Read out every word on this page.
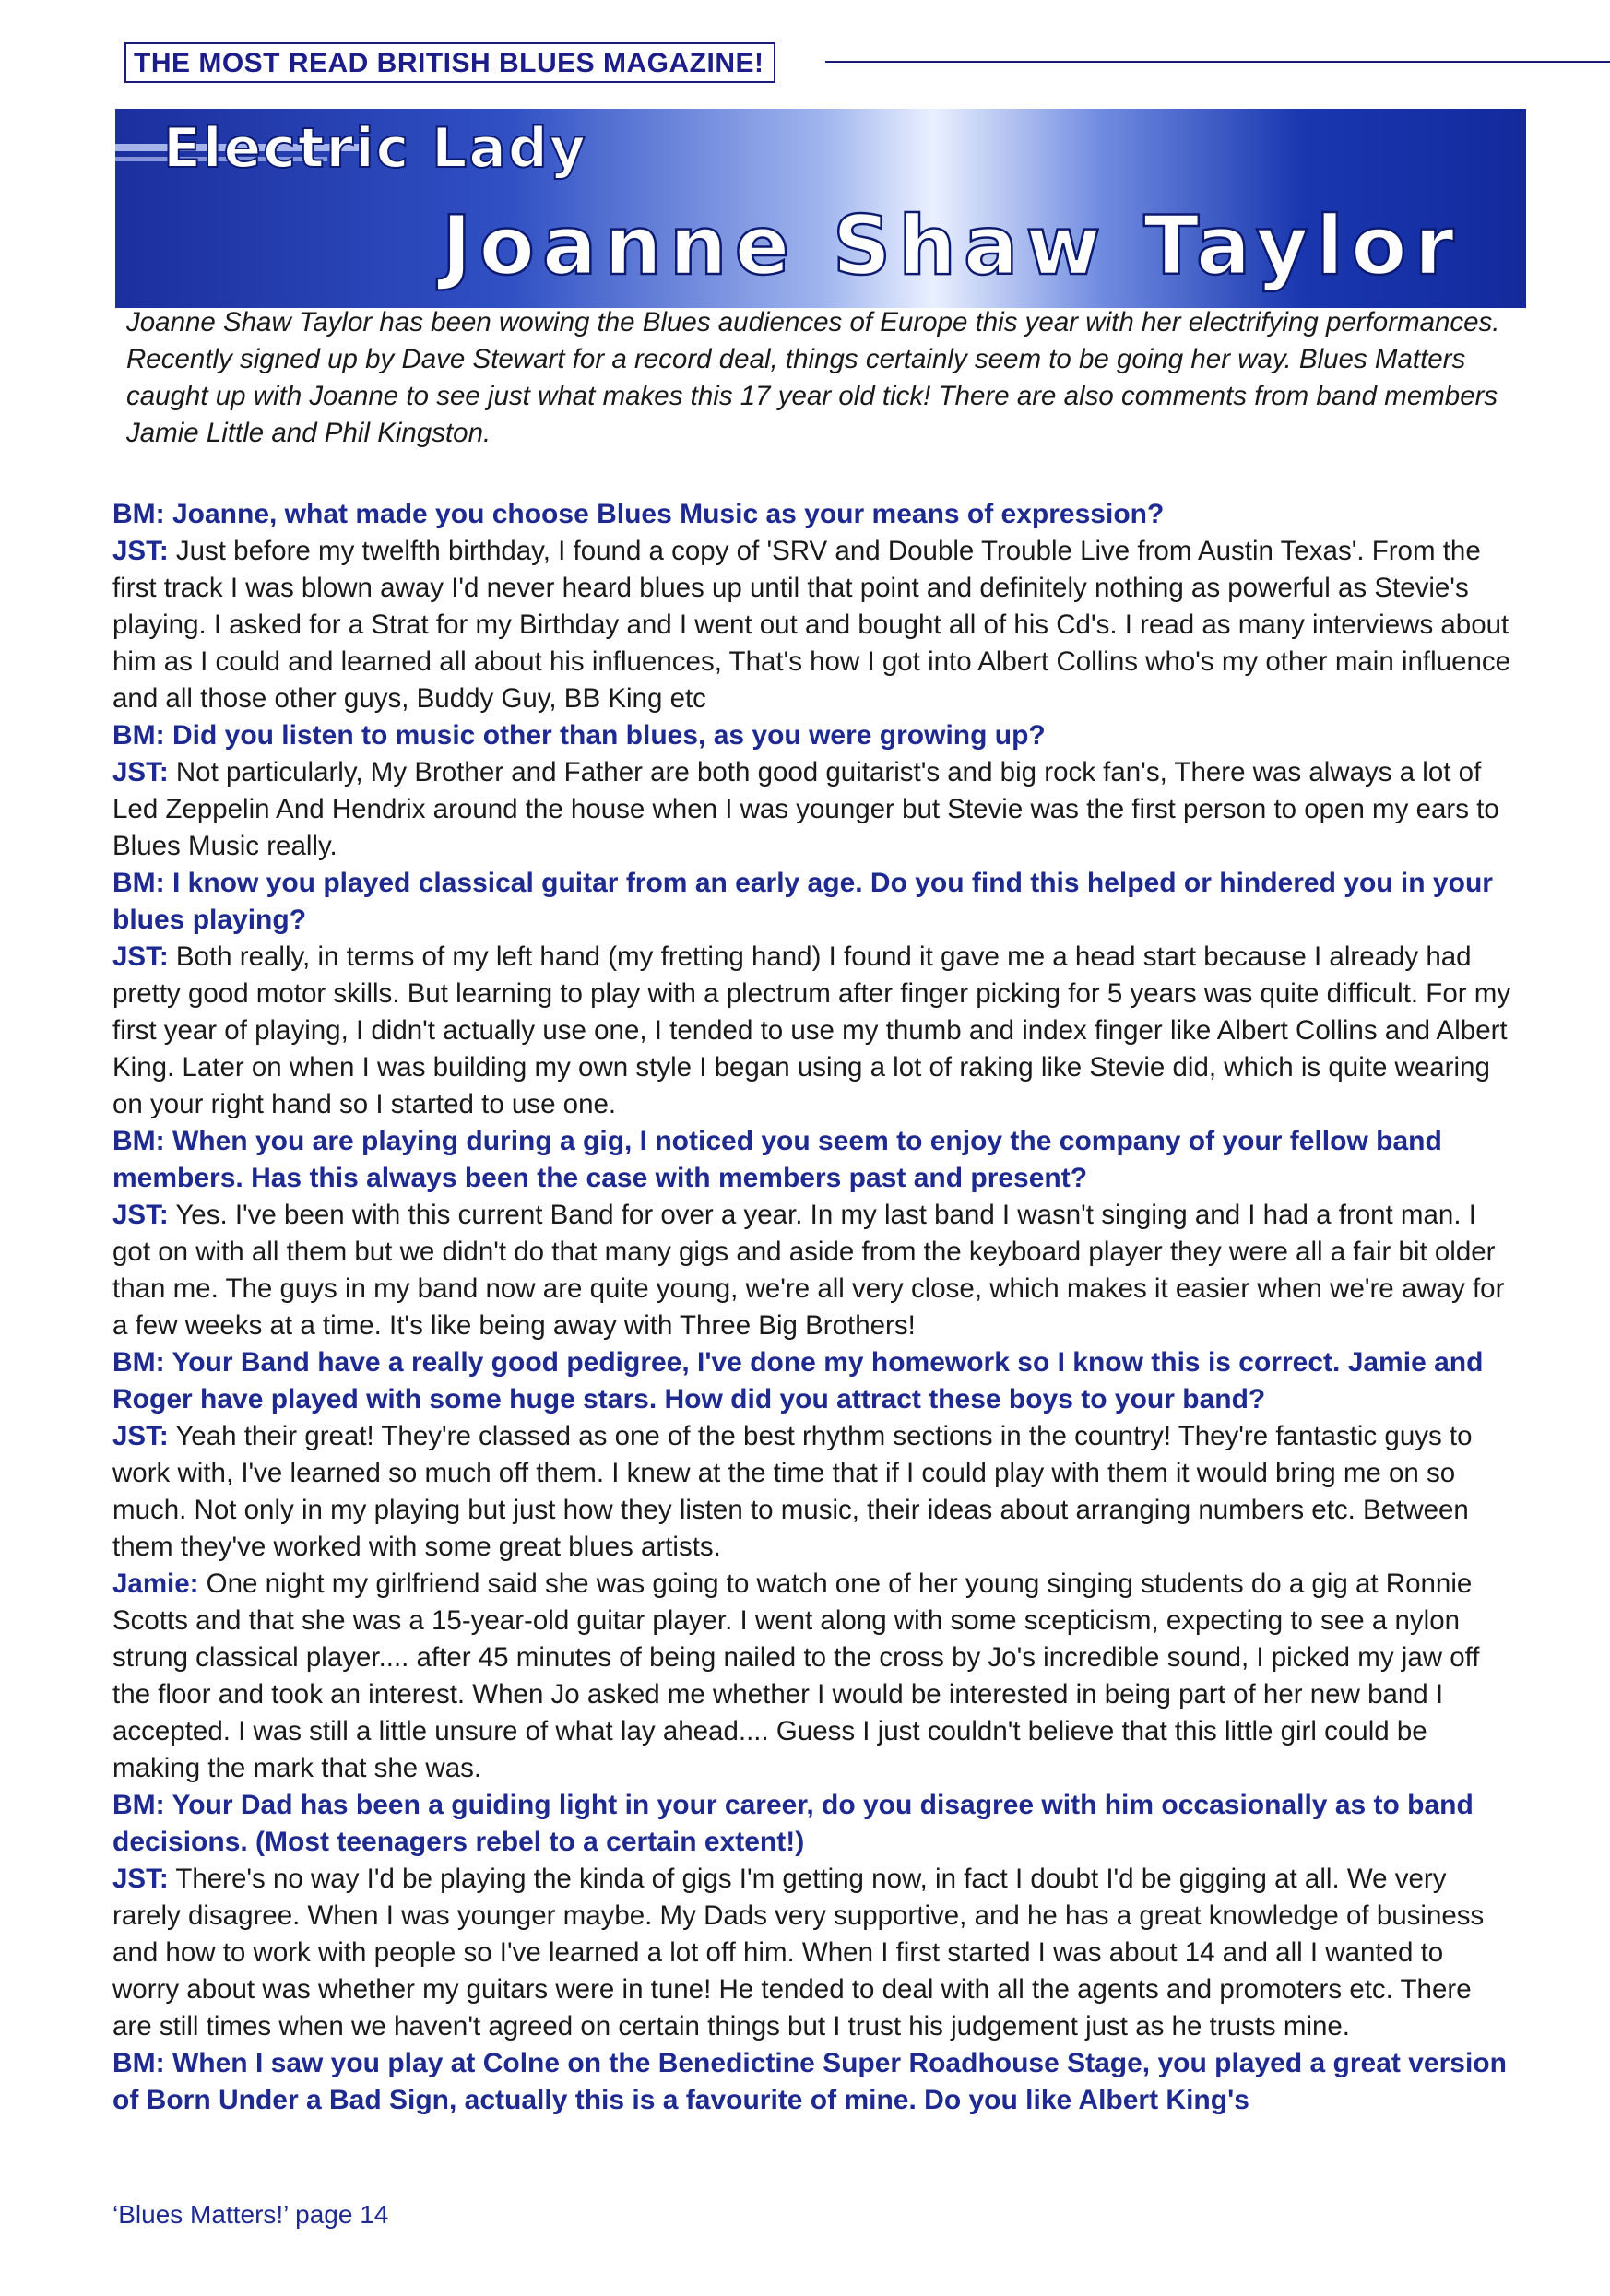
THE MOST READ BRITISH BLUES MAGAZINE!
Electric Lady
Joanne Shaw Taylor

Joanne Shaw Taylor has been wowing the Blues audiences of Europe this year with her electrifying performances. Recently signed up by Dave Stewart for a record deal, things certainly seem to be going her way. Blues Matters caught up with Joanne to see just what makes this 17 year old tick! There are also comments from band members Jamie Little and Phil Kingston.

BM: Joanne, what made you choose Blues Music as your means of expression?

JST: Just before my twelfth birthday, I found a copy of 'SRV and Double Trouble Live from Austin Texas'. From the first track I was blown away I'd never heard blues up until that point and definitely nothing as powerful as Stevie's playing. I asked for a Strat for my Birthday and I went out and bought all of his Cd's. I read as many interviews about him as I could and learned all about his influences, That's how I got into Albert Collins who's my other main influence and all those other guys, Buddy Guy, BB King etc

BM: Did you listen to music other than blues, as you were growing up?

JST: Not particularly, My Brother and Father are both good guitarist's and big rock fan's, There was always a lot of Led Zeppelin And Hendrix around the house when I was younger but Stevie was the first person to open my ears to Blues Music really.

BM: I know you played classical guitar from an early age. Do you find this helped or hindered you in your blues playing?

JST: Both really, in terms of my left hand (my fretting hand) I found it gave me a head start because I already had pretty good motor skills. But learning to play with a plectrum after finger picking for 5 years was quite difficult. For my first year of playing, I didn't actually use one, I tended to use my thumb and index finger like Albert Collins and Albert King. Later on when I was building my own style I began using a lot of raking like Stevie did, which is quite wearing on your right hand so I started to use one.

BM: When you are playing during a gig, I noticed you seem to enjoy the company of your fellow band members. Has this always been the case with members past and present?

JST: Yes. I've been with this current Band for over a year. In my last band I wasn't singing and I had a front man. I got on with all them but we didn't do that many gigs and aside from the keyboard player they were all a fair bit older than me. The guys in my band now are quite young, we're all very close, which makes it easier when we're away for a few weeks at a time. It's like being away with Three Big Brothers!

BM: Your Band have a really good pedigree, I've done my homework so I know this is correct. Jamie and Roger have played with some huge stars. How did you attract these boys to your band?

JST: Yeah their great! They're classed as one of the best rhythm sections in the country! They're fantastic guys to work with, I've learned so much off them. I knew at the time that if I could play with them it would bring me on so much. Not only in my playing but just how they listen to music, their ideas about arranging numbers etc. Between them they've worked with some great blues artists.

Jamie: One night my girlfriend said she was going to watch one of her young singing students do a gig at Ronnie Scotts and that she was a 15-year-old guitar player. I went along with some scepticism, expecting to see a nylon strung classical player.... after 45 minutes of being nailed to the cross by Jo's incredible sound, I picked my jaw off the floor and took an interest. When Jo asked me whether I would be interested in being part of her new band I accepted. I was still a little unsure of what lay ahead.... Guess I just couldn't believe that this little girl could be making the mark that she was.

BM: Your Dad has been a guiding light in your career, do you disagree with him occasionally as to band decisions. (Most teenagers rebel to a certain extent!)

JST: There's no way I'd be playing the kinda of gigs I'm getting now, in fact I doubt I'd be gigging at all. We very rarely disagree. When I was younger maybe. My Dads very supportive, and he has a great knowledge of business and how to work with people so I've learned a lot off him. When I first started I was about 14 and all I wanted to worry about was whether my guitars were in tune! He tended to deal with all the agents and promoters etc. There are still times when we haven't agreed on certain things but I trust his judgement just as he trusts mine.

BM: When I saw you play at Colne on the Benedictine Super Roadhouse Stage, you played a great version of Born Under a Bad Sign, actually this is a favourite of mine. Do you like Albert King's

‘Blues Matters!’ page 14
